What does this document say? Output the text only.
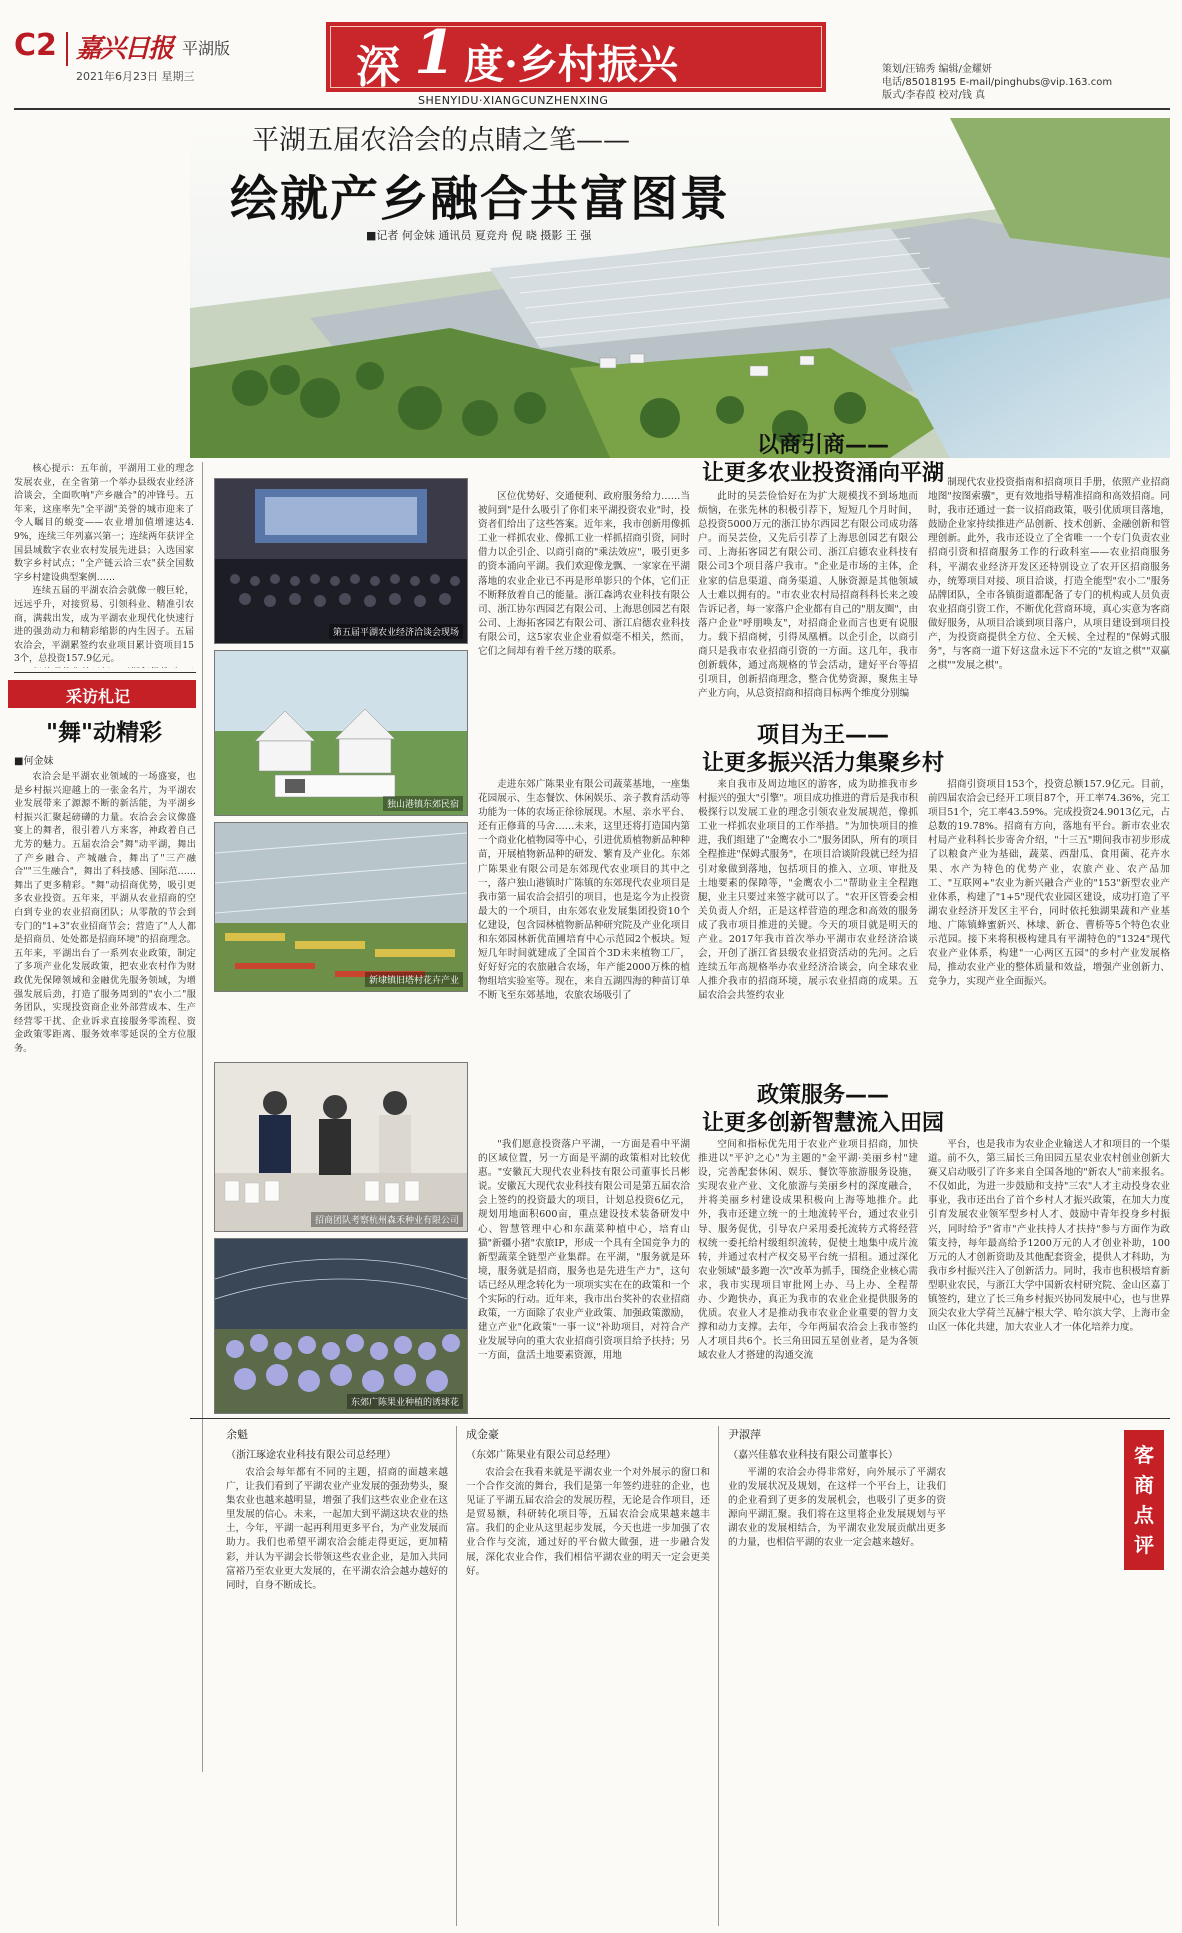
C2 嘉兴日报 平湖版
2021年6月23日 星期三	深 1 度·乡村振兴
SHENYIDU·XIANGCUNZHENXING
策划/汪锦秀 编辑/金耀妍
电话/85018195 E-mail/pinghubs@vip.163.com
版式/李春葭 校对/钱 真
平湖五届农洽会的点睛之笔——
绘就产乡融合共富图景
■记者 何金妹 通讯员 夏竞舟 倪 晓 摄影 王 强

核心提示：五年前，平湖用工业的理念发展农业，在全省第一个举办县级农业经济洽谈会，全面吹响"产乡融合"的冲锋号。五年来，这座率先"全平湖"美誉的城市迎来了令人瞩目的蜕变——农业增加值增速达4.9%，连续三年列嘉兴第一；连续两年获评全国县域数字农业农村发展先进县；入选国家数字乡村试点；"全产链云洽三农"获全国数字乡村建设典型案例……

连续五届的平湖农洽会就像一艘巨轮，远远乎升，对接贸易、引领科业、精准引农商，满载出发，成为平湖农业现代化快速行进的强劲动力和精彩缩影的内生因子。五届农洽会，平湖累签约农业项目累计资项目153个，总投资157.9亿元。

采访札记
"舞"动精彩
■何金妹

农洽会是平湖农业领域的一场盛宴，也是乡村振兴迎越上的一张金名片，为平湖农业发展带来了源源不断的新活能，为平湖乡村振兴汇聚起磅礴的力量。农洽会会议像盛宴上的舞者，很引着八方来客，神政着自己尤芳的魅力。五届农洽会"舞"动平湖，舞出了产乡融合、产城融合，舞出了"三产融合""三生融合"，舞出了科技感、国际范……舞出了更多精彩。"舞"动招商优势，吸引更多农业投资。五年来，平湖从农业招商的空白到专业的农业招商团队；从零散的节会到专门的"1+3"农业招商节会；营造了"人人都是招商员、处处都是招商环境"的招商理念。五年来，平湖出台了一系列农业政策，制定了多项产业化发展政策，把农业农村作为财政优先保障领域和金融优先服务领域，为增强发展后劲，打造了服务周到的"农小二"服务团队，实现投资商企业外部营成本、生产经营零干扰、企业诉求直接服务零流程、资金政策零距离、服务效率零延误的全方位服务。

第五届平湖农业经济洽谈会现场
独山港镇东郊民宿
新埭镇旧塔村花卉产业
招商团队考察杭州森禾种业有限公司
东郊广陈果业种植的诱球花
以商引商——
让更多农业投资涌向平湖
区位优势好、交通便利、政府服务给力……当被问到"是什么吸引了你们来平湖投资农业"时，投资者们给出了这些答案。近年来，我市创新用像抓工业一样抓农业、像抓工业一样抓招商引资，同时借力以企引企、以商引商的"乘法效应"，吸引更多的资本涌向平湖。我们欢迎像龙飘、一家家在平湖落地的农业企业已不再是形单影只的个体，它们正不断释放着自己的能量。浙江森鸿农业科技有限公司、浙江协尔西园艺有限公司、上海思创园艺有限公司、上海拓客园艺有限公司、浙江启德农业科技有限公司，这5家农业企业看似毫不相关，然而，它们之间却有着千丝万缕的联系。
此时的吴芸俭恰好在为扩大规模找不到场地而烦恼，在张先林的积极引荐下，短短几个月时间，总投资5000万元的浙江协尔西园艺有限公司成功落户。而吴芸俭，又先后引荐了上海思创园艺有限公司、上海拓客园艺有限公司、浙江启德农业科技有限公司3个项目落户我市。"企业是市场的主体，企业家的信息渠道、商务渠道、人脉资源是其他领域人士难以拥有的。"市农业农村局招商科科长来之竣告诉记者，每一家落户企业都有自己的"朋友圈"，由落户企业"呼朋唤友"，对招商企业而言也更有说服力。载下招商树，引得凤凰栖。以企引企，以商引商只是我市农业招商引资的一方面。这几年，我市创新载体，通过高规格的节会活动，建好平台等招引项目，创新招商理念，整合优势资源，聚焦主导产业方向，从总资招商和招商目标两个维度分别编
制现代农业投资指南和招商项目手册，依照产业招商地图"按图索骥"，更有效地指导精准招商和高效招商。同时，我市还通过一套一议招商政策，吸引优质项目落地，鼓励企业家持续推进产品创新、技术创新、金融创新和管理创新。此外，我市还设立了全省唯一一个专门负责农业招商引资和招商服务工作的行政科室——农业招商服务科，平湖农业经济开发区还特别设立了农开区招商服务办，统筹项目对接、项目洽谈，打造全能型"农小二"服务品牌团队，全市各镇街道都配备了专门的机构或人员负责农业招商引资工作，不断优化营商环境，真心实意为客商做好服务，从项目洽谈到项目落户，从项目建设到项目投产，为投资商提供全方位、全天候、全过程的"保姆式服务"，与客商一道下好这盘永远下不完的"友谊之棋""双赢之棋""发展之棋"。
项目为王——
让更多振兴活力集聚乡村
走进东郊广陈果业有限公司蔬菜基地，一座集花园展示、生态餐饮、休闲娱乐、亲子教育活动等功能为一体的农场正徐徐展现。木屋、亲水平台、还有正修葺的马舍……未来，这里还将打造国内第一个商业化植物园等中心，引进优质植物新品种种苗，开展植物新品种的研发、繁育及产业化。东郊广陈果业有限公司是东郊现代农业项目的其中之一，落户独山港镇时广陈镇的东郊现代农业项目是我市第一届农洽会招引的项目，也是迄今为止投资最大的一个项目，由东郊农业发展集团投资10个亿建设，包含园林植物新品种研究院及产业化项目和东郊园林新优苗圃培育中心示范园2个板块。短短几年时间就建成了全国首个3D未来植物工厂，好好好完的农旅融合农场，年产能2000万株的植物组培实验室等。现在，来自五湖四海的种苗订单不断飞至东郊基地，农旅农场吸引了
来自我市及周边地区的游客，成为助推我市乡村振兴的强大"引擎"。项目成功推进的背后是我市积极探行以发展工业的理念引领农业发展规范，像抓工业一样抓农业项目的工作举措。"为加快项目的推进，我们组建了"金鹰农小二"服务团队，所有的项目全程推进"保姆式服务"，在项目洽谈阶段就已经为招引对象做到落地，包括项目的推入、立项、审批及土地要素的保障等，"金鹰农小二"帮助业主全程跑腿，业主只要过来签字就可以了。"农开区管委会相关负责人介绍，正是这样营造的理念和高效的服务成了我市项目推进的关键。今天的项目就是明天的产业。2017年我市首次举办平湖市农业经济洽谈会，开创了浙江省县级农业招资活动的先河。之后连续五年高规格举办农业经济洽谈会，向全球农业人推介我市的招商环境，展示农业招商的成果。五届农洽会共签约农业
招商引资项目153个，投资总额157.9亿元。目前，前四届农洽会已经开工项目87个，开工率74.36%，完工项目51个，完工率43.59%。完成投资24.9013亿元，占总数的19.78%。招商有方向，落地有平台。新市农业农村局产业科科长步寄舍介绍，"十三五"期间我市初步形成了以粮食产业为基础，蔬菜、西甜瓜、食用菌、花卉水果、水产为特色的优势产业，农旅产业、农产品加工、"互联网+"农业为新兴融合产业的"153"新型农业产业体系，构建了"1+5"现代农业园区建设，成功打造了平湖农业经济开发区主平台，同时依托独湖果蔬和产业基地、广陈镇蜂蜜新兴、林埭、新仓、曹桥等5个特色农业示范园。接下来将积极构建具有平湖特色的"1324"现代农业产业体系，构建"一心两区五园"的乡村产业发展格局，推动农业产业的整体质量和效益，增强产业创新力、竞争力，实现产业全面振兴。
政策服务——
让更多创新智慧流入田园
"我们愿意投资落户平湖，一方面是看中平湖的区域位置，另一方面是平湖的政策相对比较优惠。"安徽瓦大现代农业科技有限公司董事长吕彬说。安徽瓦大现代农业科技有限公司是第五届农洽会上签约的投资最大的项目，计划总投资6亿元，规划用地面积600亩，重点建设技术装备研发中心、智慧管理中心和东蔬菜种植中心，培育山猫"新疆小猪"农旅IP，形成一个具有全国竞争力的新型蔬菜全链型产业集群。在平湖，"服务就是环境，服务就是招商，服务也是先进生产力"，这句话已经从理念转化为一项项实实在在的政策和一个个实际的行动。近年来，我市出台奖补的农业招商政策，一方面除了农业产业政策、加强政策激励，建立产业"化政策"一事一议"补助项目，对符合产业发展导向的重大农业招商引资项目给予扶持；另一方面，盘活土地要素资源，用地
空间和指标优先用于农业产业项目招商，加快推进以"平沪之心"为主题的"金平湖·美丽乡村"建设，完善配套休闲、娱乐、餐饮等旅游服务设施，实现农业产业、文化旅游与美丽乡村的深度融合，并将美丽乡村建设成果积极向上海等地推介。此外，我市还建立统一的土地流转平台，通过农业引导、服务促优，引导农户采用委托流转方式将经营权统一委托给村级组织流转，促使土地集中成片流转，并通过农村产权交易平台统一招租。通过深化农业领域"最多跑一次"改革为抓手，围绕企业核心需求，我市实现项目审批网上办、马上办、全程帮办、少跑快办，真正为我市的农业企业提供服务的优质。农业人才是推动我市农业企业重要的智力支撑和动力支撑。去年，今年两届农洽会上我市签约人才项目共6个。长三角田园五星创业者，是为各领域农业人才搭建的沟通交流
平台，也是我市为农业企业输送人才和项目的一个渠道。前不久，第三届长三角田园五星农业农村创业创新大赛又启动吸引了许多来自全国各地的"新农人"前来报名。不仅如此，为进一步鼓励和支持"三农"人才主动投身农业事业，我市还出台了首个乡村人才振兴政策，在加大力度引育发展农业领军型乡村人才、鼓励中青年投身乡村振兴，同时给予"省市"产业扶持人才扶持"参与方面作为政策支持，每年最高给予1200万元的人才创业补助，100万元的人才创新资助及其他配套资金，提供人才科助，为我市乡村振兴注入了创新活力。同时，我市也积极培育新型职业农民，与浙江大学中国新农村研究院、金山区嘉丁镇签约，建立了长三角乡村振兴协同发展中心，也与世界顶尖农业大学荷兰瓦赫宁根大学、哈尔滨大学、上海市金山区一体化共建，加大农业人才一体化培养力度。
余魁
（浙江琢途农业科技有限公司总经理）
农洽会每年都有不同的主题，招商的面越来越广，让我们看到了平湖农业产业发展的强劲势头，聚集农业也越来越明显，增强了我们这些农业企业在这里发展的信心。未来，一起加大到平湖这块农业的热土，今年，平湖一起再利用更多平台，为产业发展而助力。我们也希望平湖农洽会能走得更远，更加精彩，并认为平湖会长带领这些农业企业，是加入共同富裕乃至农业更大发展的，在平湖农洽会越办越好的同时，自身不断成长。
成金豪
（东郊广陈果业有限公司总经理）
农洽会在我看来就是平湖农业一个对外展示的窗口和一个合作交流的舞台，我们是第一年签约进驻的企业，也见证了平湖五届农洽会的发展历程，无论是合作项目，还是贸易额，科研转化项目等，五届农洽会成果越来越丰富。我们的企业从这里起步发展，今天也进一步加强了农业合作与交流，通过好的平台做大做强，进一步融合发展，深化农业合作，我们相信平湖农业的明天一定会更美好。
尹淑萍
（嘉兴佳慕农业科技有限公司董事长）
平湖的农洽会办得非常好，向外展示了平湖农业的发展状况及规划，在这样一个平台上，让我们的企业看到了更多的发展机会，也吸引了更多的资源向平湖汇聚。我们将在这里将企业发展规划与平湖农业的发展相结合，为平湖农业发展贡献出更多的力量，也相信平湖的农业一定会越来越好。
客商点评
